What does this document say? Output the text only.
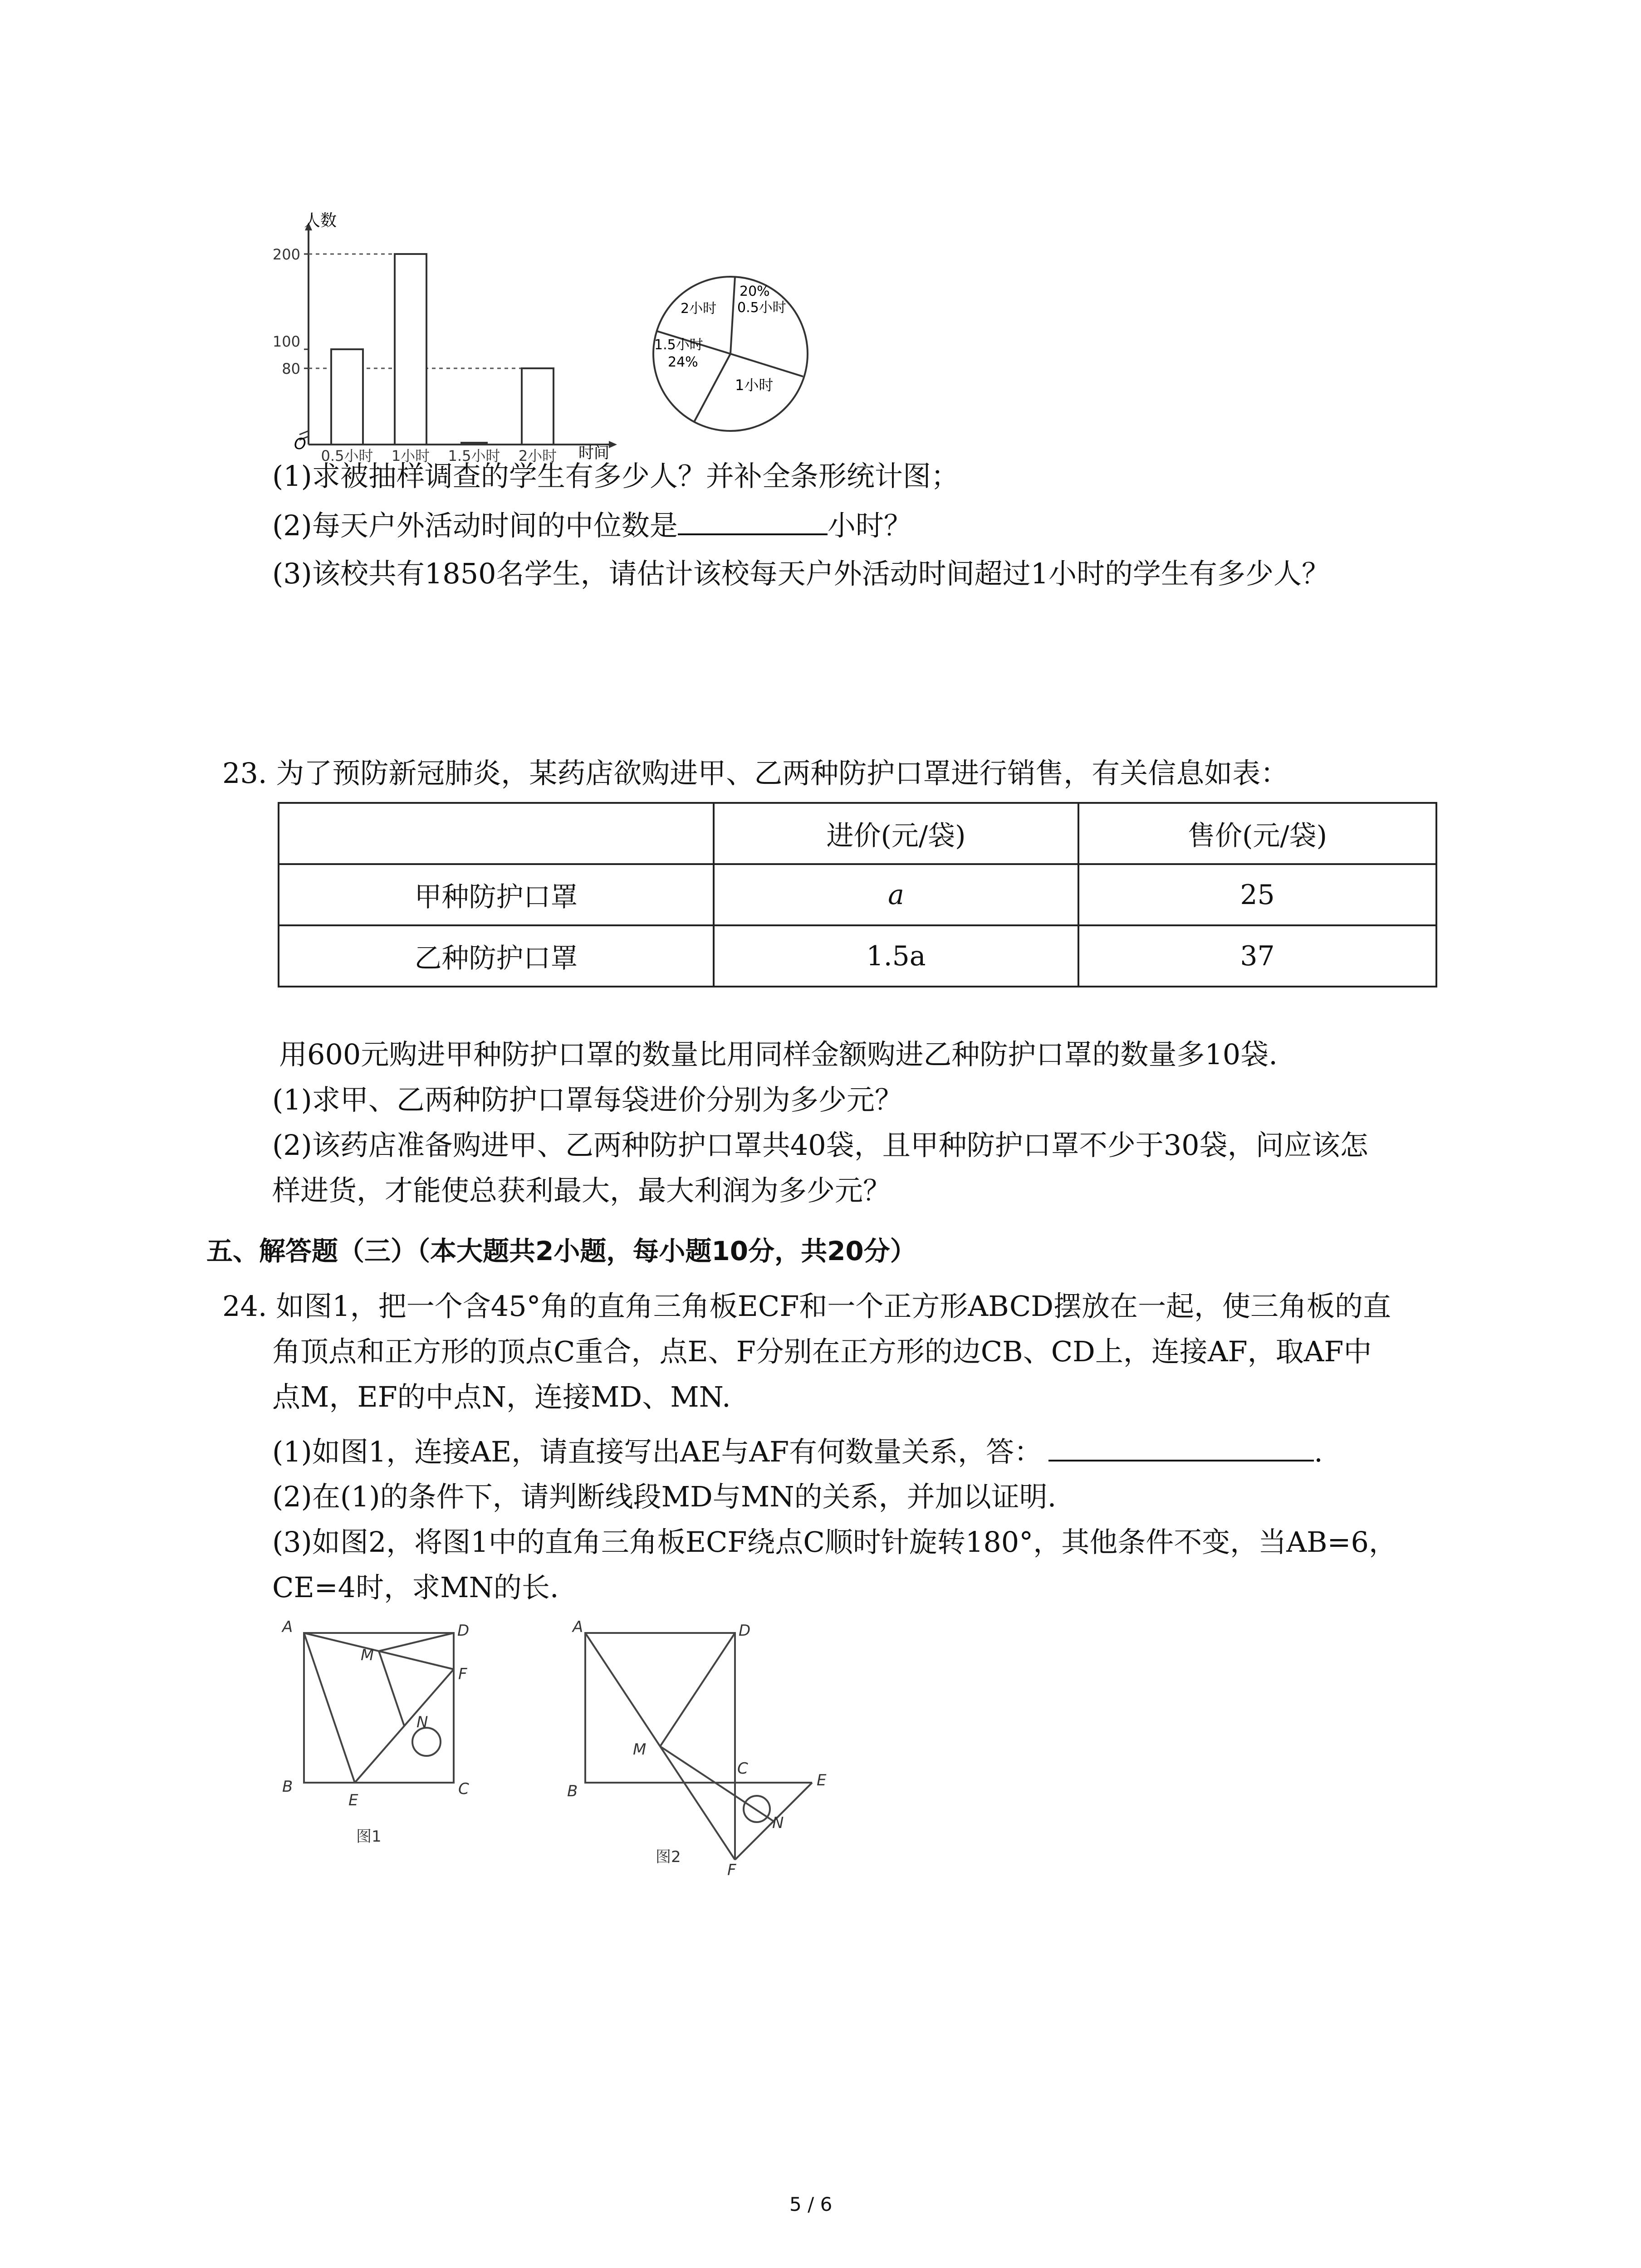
人数
时间
O
200
100
80
0.5小时 1小时 1.5小时 2小时
2小时
20%
0.5小时
1.5小时
24%
1小时
(1)求被抽样调查的学生有多少人？并补全条形统计图；
(2)每天户外活动时间的中位数是	小时？
(3)该校共有1850名学生，请估计该校每天户外活动时间超过1小时的学生有多少人？
23. 为了预防新冠肺炎，某药店欲购进甲、乙两种防护口罩进行销售，有关信息如表：
	进价(元/袋)	售价(元/袋)
甲种防护口罩	a	25
乙种防护口罩	1.5a	37
用600元购进甲种防护口罩的数量比用同样金额购进乙种防护口罩的数量多10袋.
(1)求甲、乙两种防护口罩每袋进价分别为多少元？
(2)该药店准备购进甲、乙两种防护口罩共40袋，且甲种防护口罩不少于30袋，问应该怎
样进货，才能使总获利最大，最大利润为多少元？
五、解答题（三）（本大题共2小题，每小题10分，共20分）
24. 如图1，把一个含45°角的直角三角板ECF和一个正方形ABCD摆放在一起，使三角板的直
角顶点和正方形的顶点C重合，点E、F分别在正方形的边CB、CD上，连接AF，取AF中
点M，EF的中点N，连接MD、MN.
(1)如图1，连接AE，请直接写出AE与AF有何数量关系，答：	.
(2)在(1)的条件下，请判断线段MD与MN的关系，并加以证明.
(3)如图2，将图1中的直角三角板ECF绕点C顺时针旋转180°，其他条件不变，当AB=6，
CE=4时，求MN的长.
A	D
M
F
N
B
E
C
图1
A	D
M
C
E
B
N
F
图2
5 / 6
